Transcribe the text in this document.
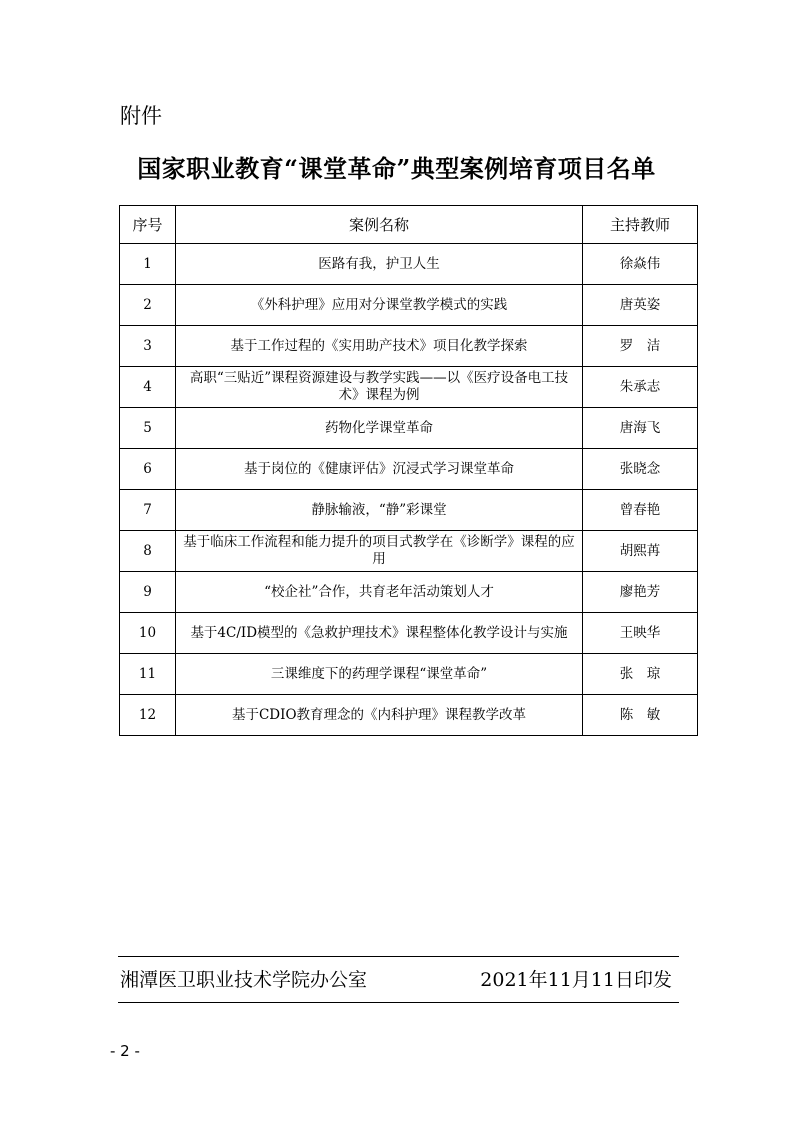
附件

国家职业教育“课堂革命”典型案例培育项目名单
序号	案例名称	主持教师
1	医路有我，护卫人生	徐焱伟
2	《外科护理》应用对分课堂教学模式的实践	唐英姿
3	基于工作过程的《实用助产技术》项目化教学探索	罗　洁
4	高职“三贴近”课程资源建设与教学实践——以《医疗设备电工技术》课程为例	朱承志
5	药物化学课堂革命	唐海飞
6	基于岗位的《健康评估》沉浸式学习课堂革命	张晓念
7	静脉输液，“静”彩课堂	曾春艳
8	基于临床工作流程和能力提升的项目式教学在《诊断学》课程的应用	胡熙苒
9	“校企社”合作，共育老年活动策划人才	廖艳芳
10	基于4C/ID模型的《急救护理技术》课程整体化教学设计与实施	王映华
11	三课维度下的药理学课程“课堂革命”	张　琼
12	基于CDIO教育理念的《内科护理》课程教学改革	陈　敏

湘潭医卫职业技术学院办公室	2021年11月11日印发

- 2 -
